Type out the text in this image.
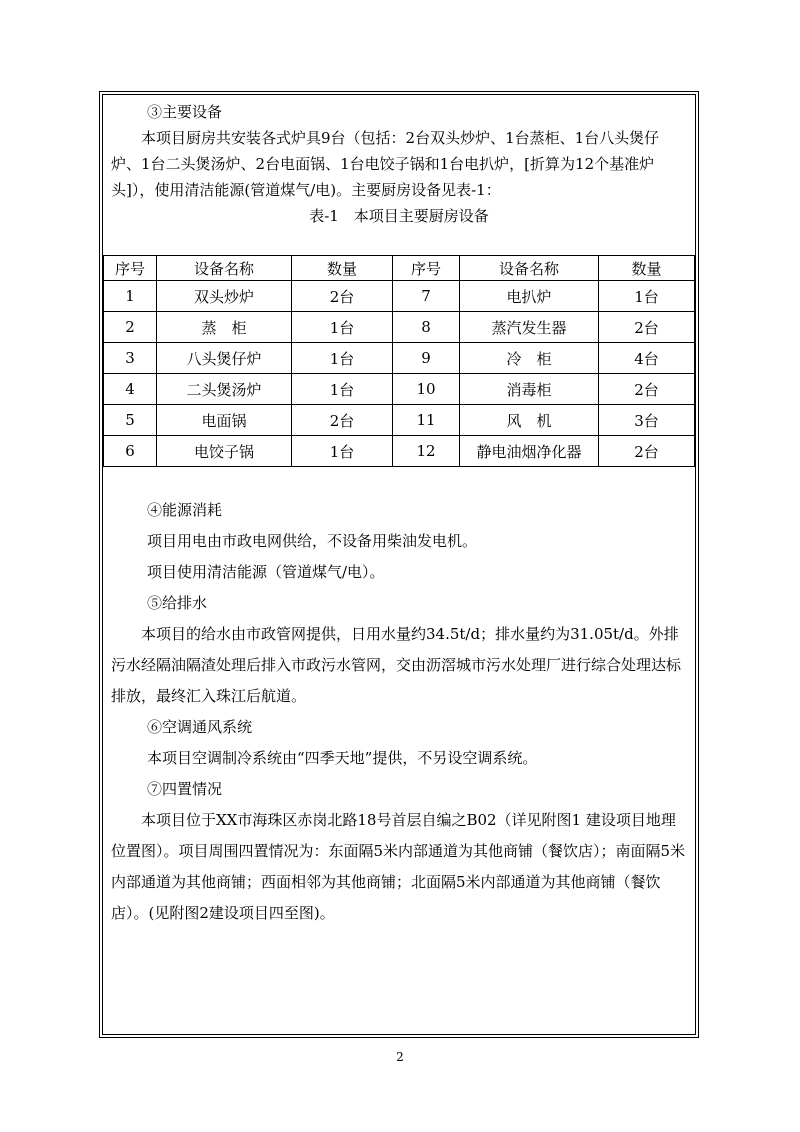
③主要设备

本项目厨房共安装各式炉具9台（包括：2台双头炒炉、1台蒸柜、1台八头煲仔炉、1台二头煲汤炉、2台电面锅、1台电饺子锅和1台电扒炉，[折算为12个基准炉头]），使用清洁能源(管道煤气/电)。主要厨房设备见表-1：

表-1　本项目主要厨房设备

序号	设备名称	数量	序号	设备名称	数量
1	双头炒炉	2台	7	电扒炉	1台
2	蒸　柜	1台	8	蒸汽发生器	2台
3	八头煲仔炉	1台	9	冷　柜	4台
4	二头煲汤炉	1台	10	消毒柜	2台
5	电面锅	2台	11	风　机	3台
6	电饺子锅	1台	12	静电油烟净化器	2台

④能源消耗

项目用电由市政电网供给，不设备用柴油发电机。

项目使用清洁能源（管道煤气/电）。

⑤给排水

本项目的给水由市政管网提供，日用水量约34.5t/d；排水量约为31.05t/d。外排污水经隔油隔渣处理后排入市政污水管网，交由沥滘城市污水处理厂进行综合处理达标排放，最终汇入珠江后航道。

⑥空调通风系统

本项目空调制冷系统由“四季天地”提供，不另设空调系统。

⑦四置情况

本项目位于XX市海珠区赤岗北路18号首层自编之B02（详见附图1 建设项目地理位置图）。项目周围四置情况为：东面隔5米内部通道为其他商铺（餐饮店）；南面隔5米内部通道为其他商铺；西面相邻为其他商铺；北面隔5米内部通道为其他商铺（餐饮店）。(见附图2建设项目四至图)。

2
